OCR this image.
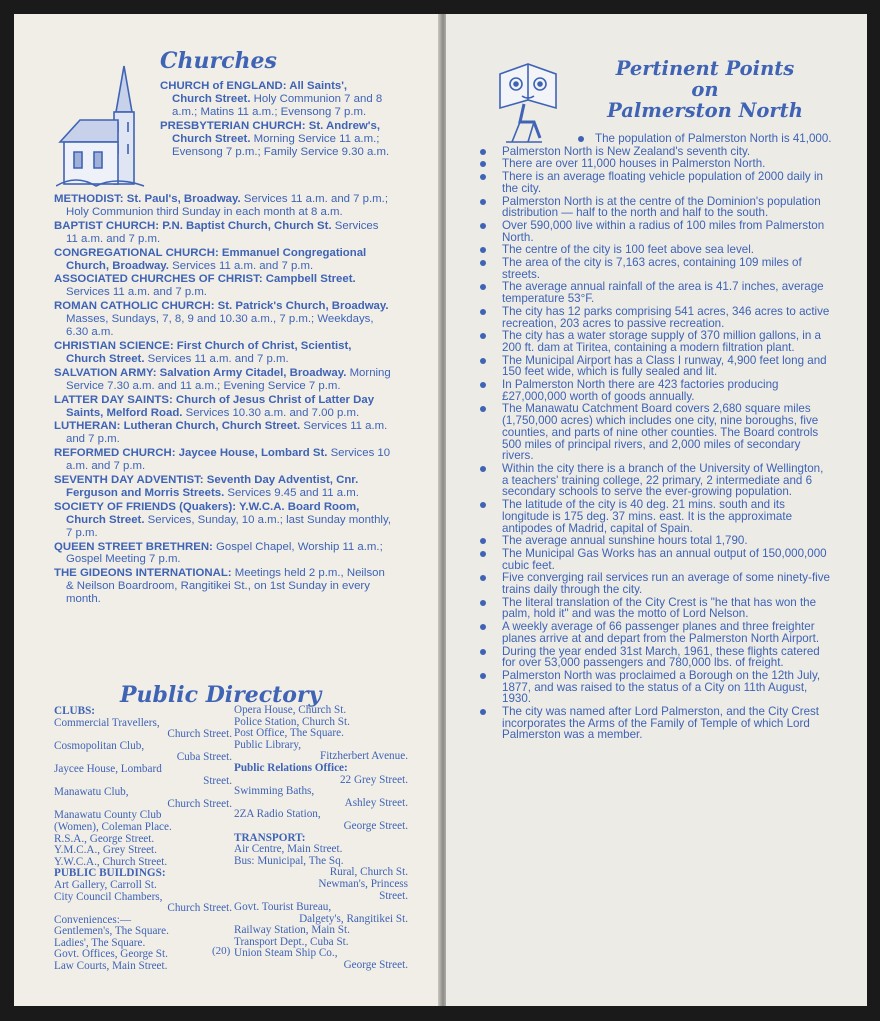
Churches

CHURCH of ENGLAND: All Saints', Church Street. Holy Communion 7 and 8 a.m.; Matins 11 a.m.; Evensong 7 p.m.

PRESBYTERIAN CHURCH: St. Andrew's, Church Street. Morning Service 11 a.m.; Evensong 7 p.m.; Family Service 9.30 a.m.

METHODIST: St. Paul's, Broadway. Services 11 a.m. and 7 p.m.; Holy Communion third Sunday in each month at 8 a.m.

BAPTIST CHURCH: P.N. Baptist Church, Church St. Services 11 a.m. and 7 p.m.

CONGREGATIONAL CHURCH: Emmanuel Congregational Church, Broadway. Services 11 a.m. and 7 p.m.

ASSOCIATED CHURCHES OF CHRIST: Campbell Street. Services 11 a.m. and 7 p.m.

ROMAN CATHOLIC CHURCH: St. Patrick's Church, Broadway. Masses, Sundays, 7, 8, 9 and 10.30 a.m., 7 p.m.; Weekdays, 6.30 a.m.

CHRISTIAN SCIENCE: First Church of Christ, Scientist, Church Street. Services 11 a.m. and 7 p.m.

SALVATION ARMY: Salvation Army Citadel, Broadway. Morning Service 7.30 a.m. and 11 a.m.; Evening Service 7 p.m.

LATTER DAY SAINTS: Church of Jesus Christ of Latter Day Saints, Melford Road. Services 10.30 a.m. and 7.00 p.m.

LUTHERAN: Lutheran Church, Church Street. Services 11 a.m. and 7 p.m.

REFORMED CHURCH: Jaycee House, Lombard St. Services 10 a.m. and 7 p.m.

SEVENTH DAY ADVENTIST: Seventh Day Adventist, Cnr. Ferguson and Morris Streets. Services 9.45 and 11 a.m.

SOCIETY OF FRIENDS (Quakers): Y.W.C.A. Board Room, Church Street. Services, Sunday, 10 a.m.; last Sunday monthly, 7 p.m.

QUEEN STREET BRETHREN: Gospel Chapel, Worship 11 a.m.; Gospel Meeting 7 p.m.

THE GIDEONS INTERNATIONAL: Meetings held 2 p.m., Neilson & Neilson Boardroom, Rangitikei St., on 1st Sunday in every month.

Public Directory
CLUBS:
Commercial Travellers,
Church Street.
Cosmopolitan Club,
Cuba Street.
Jaycee House, Lombard
Street.
Manawatu Club,
Church Street.
Manawatu County Club
(Women), Coleman Place.
R.S.A., George Street.
Y.M.C.A., Grey Street.
Y.W.C.A., Church Street.
PUBLIC BUILDINGS:
Art Gallery, Carroll St.
City Council Chambers,
Church Street.
Conveniences:—
Gentlemen's, The Square.
Ladies', The Square.
Govt. Offices, George St.
Law Courts, Main Street.
Opera House, Church St.
Police Station, Church St.
Post Office, The Square.
Public Library,
Fitzherbert Avenue.
Public Relations Office:
22 Grey Street.
Swimming Baths,
Ashley Street.
2ZA Radio Station,
George Street.
TRANSPORT:
Air Centre, Main Street.
Bus: Municipal, The Sq.
Rural, Church St.
Newman's, Princess
Street.
Govt. Tourist Bureau,
Dalgety's, Rangitikei St.
Railway Station, Main St.
Transport Dept., Cuba St.
Union Steam Ship Co.,
George Street.
(20)
Pertinent Points
on
Palmerston North
The population of Palmerston North is 41,000.
Palmerston North is New Zealand's seventh city.
There are over 11,000 houses in Palmerston North.
There is an average floating vehicle population of 2000 daily in the city.
Palmerston North is at the centre of the Dominion's population distribution — half to the north and half to the south.
Over 590,000 live within a radius of 100 miles from Palmerston North.
The centre of the city is 100 feet above sea level.
The area of the city is 7,163 acres, containing 109 miles of streets.
The average annual rainfall of the area is 41.7 inches, average temperature 53°F.
The city has 12 parks comprising 541 acres, 346 acres to active recreation, 203 acres to passive recreation.
The city has a water storage supply of 370 million gallons, in a 200 ft. dam at Tiritea, containing a modern filtration plant.
The Municipal Airport has a Class I runway, 4,900 feet long and 150 feet wide, which is fully sealed and lit.
In Palmerston North there are 423 factories producing £27,000,000 worth of goods annually.
The Manawatu Catchment Board covers 2,680 square miles (1,750,000 acres) which includes one city, nine boroughs, five counties, and parts of nine other counties. The Board controls 500 miles of principal rivers, and 2,000 miles of secondary rivers.
Within the city there is a branch of the University of Wellington, a teachers' training college, 22 primary, 2 intermediate and 6 secondary schools to serve the ever-growing population.
The latitude of the city is 40 deg. 21 mins. south and its longitude is 175 deg. 37 mins. east. It is the approximate antipodes of Madrid, capital of Spain.
The average annual sunshine hours total 1,790.
The Municipal Gas Works has an annual output of 150,000,000 cubic feet.
Five converging rail services run an average of some ninety-five trains daily through the city.
The literal translation of the City Crest is "he that has won the palm, hold it" and was the motto of Lord Nelson.
A weekly average of 66 passenger planes and three freighter planes arrive at and depart from the Palmerston North Airport.
During the year ended 31st March, 1961, these flights catered for over 53,000 passengers and 780,000 lbs. of freight.
Palmerston North was proclaimed a Borough on the 12th July, 1877, and was raised to the status of a City on 11th August, 1930.
The city was named after Lord Palmerston, and the City Crest incorporates the Arms of the Family of Temple of which Lord Palmerston was a member.
